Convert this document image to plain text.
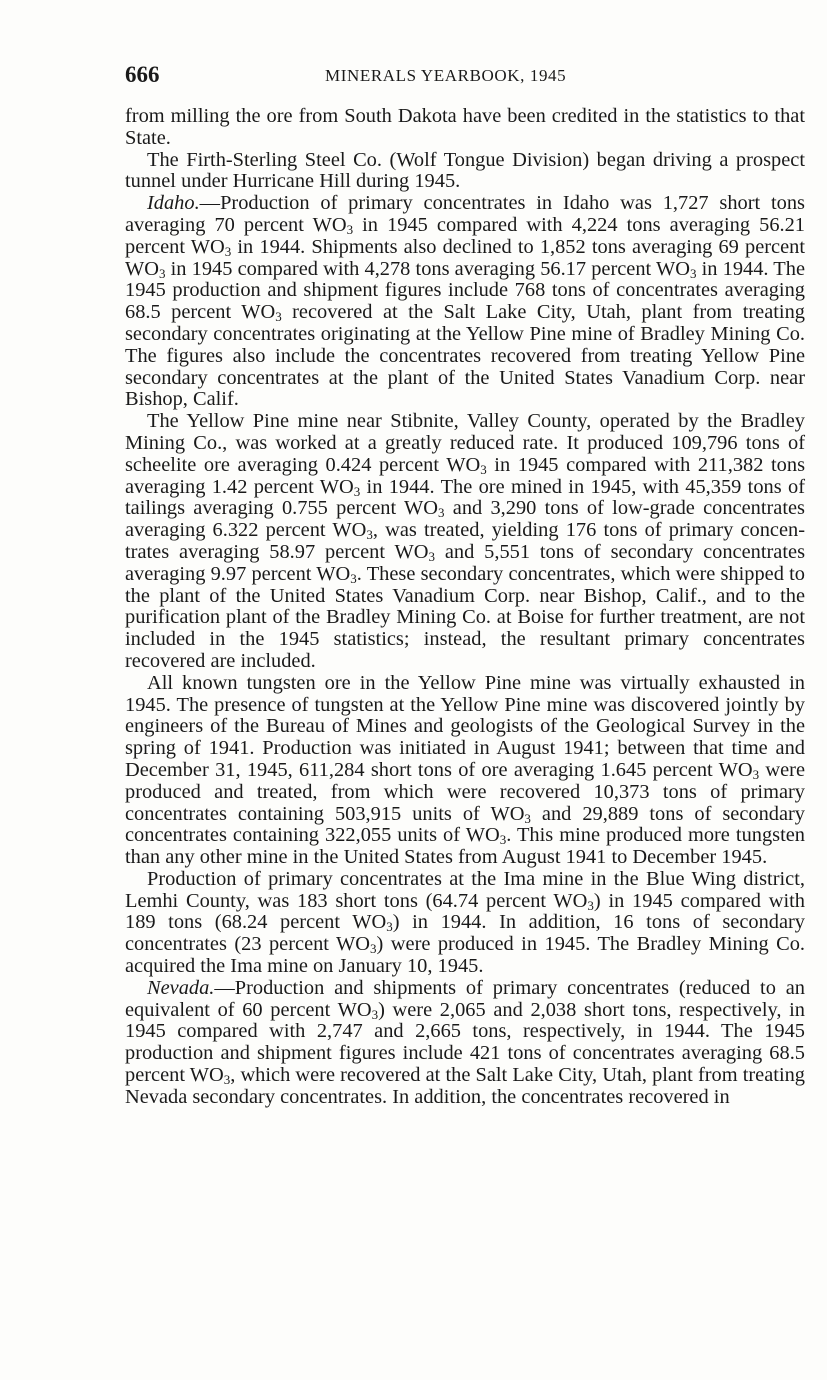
666	MINERALS YEARBOOK, 1945

from milling the ore from South Dakota have been credited in the statistics to that State.

The Firth-Sterling Steel Co. (Wolf Tongue Division) began driving a prospect tunnel under Hurricane Hill during 1945.

Idaho.—Production of primary concentrates in Idaho was 1,727 short tons averaging 70 percent $WO_3$ in 1945 compared with 4,224 tons averaging 56.21 percent $WO_3$ in 1944. Shipments also declined to 1,852 tons averaging 69 percent $WO_3$ in 1945 compared with 4,278 tons averaging 56.17 percent $WO_3$ in 1944. The 1945 production and shipment figures include 768 tons of concentrates averaging 68.5 percent $WO_3$ recovered at the Salt Lake City, Utah, plant from treating secondary concentrates originating at the Yellow Pine mine of Bradley Mining Co. The figures also include the concentrates recovered from treating Yellow Pine secondary concentrates at the plant of the United States Vanadium Corp. near Bishop, Calif.

The Yellow Pine mine near Stibnite, Valley County, operated by the Bradley Mining Co., was worked at a greatly reduced rate. It produced 109,796 tons of scheelite ore averaging 0.424 percent $WO_3$ in 1945 compared with 211,382 tons averaging 1.42 percent $WO_3$ in 1944. The ore mined in 1945, with 45,359 tons of tailings averaging 0.755 percent $WO_3$ and 3,290 tons of low-grade concentrates averaging 6.322 percent $WO_3$, was treated, yielding 176 tons of primary concentrates averaging 58.97 percent $WO_3$ and 5,551 tons of secondary concentrates averaging 9.97 percent $WO_3$. These secondary concentrates, which were shipped to the plant of the United States Vanadium Corp. near Bishop, Calif., and to the purification plant of the Bradley Mining Co. at Boise for further treatment, are not included in the 1945 statistics; instead, the resultant primary concentrates recovered are included.

All known tungsten ore in the Yellow Pine mine was virtually exhausted in 1945. The presence of tungsten at the Yellow Pine mine was discovered jointly by engineers of the Bureau of Mines and geologists of the Geological Survey in the spring of 1941. Production was initiated in August 1941; between that time and December 31, 1945, 611,284 short tons of ore averaging 1.645 percent $WO_3$ were produced and treated, from which were recovered 10,373 tons of primary concentrates containing 503,915 units of $WO_3$ and 29,889 tons of secondary concentrates containing 322,055 units of $WO_3$. This mine produced more tungsten than any other mine in the United States from August 1941 to December 1945.

Production of primary concentrates at the Ima mine in the Blue Wing district, Lemhi County, was 183 short tons (64.74 percent $WO_3$) in 1945 compared with 189 tons (68.24 percent $WO_3$) in 1944. In addition, 16 tons of secondary concentrates (23 percent $WO_3$) were produced in 1945. The Bradley Mining Co. acquired the Ima mine on January 10, 1945.

Nevada.—Production and shipments of primary concentrates (reduced to an equivalent of 60 percent $WO_3$) were 2,065 and 2,038 short tons, respectively, in 1945 compared with 2,747 and 2,665 tons, respectively, in 1944. The 1945 production and shipment figures include 421 tons of concentrates averaging 68.5 percent $WO_3$, which were recovered at the Salt Lake City, Utah, plant from treating Nevada secondary concentrates. In addition, the concentrates recovered in
